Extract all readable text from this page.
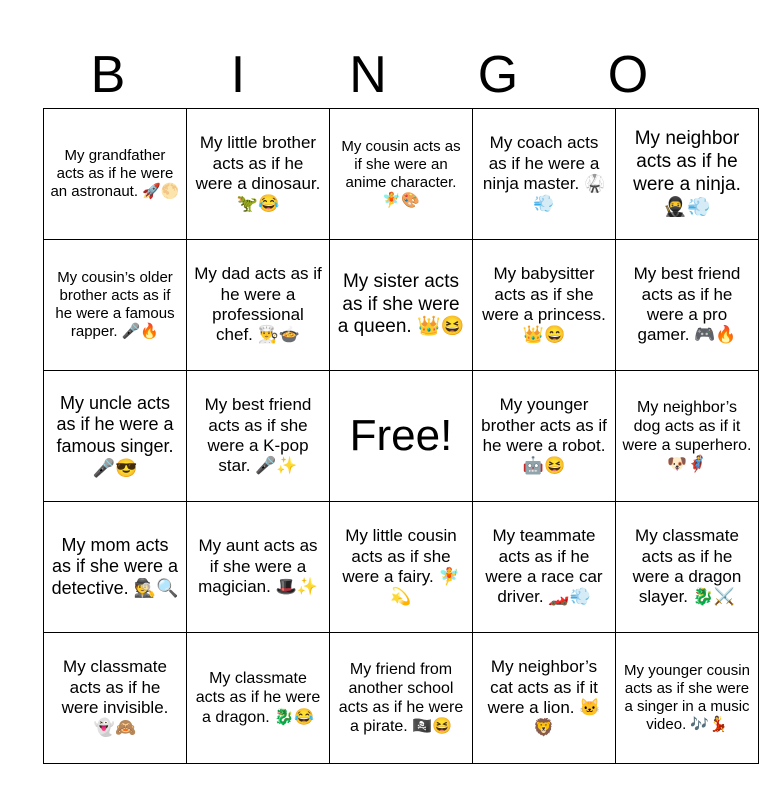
B	I	N	G	O
My grandfather acts as if he were an astronaut. 🚀🌕	My little brother acts as if he were a dinosaur. 🦖😂	My cousin acts as if she were an anime character. 🧚🎨	My coach acts as if he were a ninja master. 🥋💨	My neighbor acts as if he were a ninja. 🥷💨
My cousin’s older brother acts as if he were a famous rapper. 🎤🔥	My dad acts as if he were a professional chef. 👨‍🍳🍲	My sister acts as if she were a queen. 👑😆	My babysitter acts as if she were a princess. 👑😄	My best friend acts as if he were a pro gamer. 🎮🔥
My uncle acts as if he were a famous singer. 🎤😎	My best friend acts as if she were a K-pop star. 🎤✨	Free!	My younger brother acts as if he were a robot. 🤖😆	My neighbor’s dog acts as if it were a superhero. 🐶🦸
My mom acts as if she were a detective. 🕵️🔍	My aunt acts as if she were a magician. 🎩✨	My little cousin acts as if she were a fairy. 🧚💫	My teammate acts as if he were a race car driver. 🏎️💨	My classmate acts as if he were a dragon slayer. 🐉⚔️
My classmate acts as if he were invisible. 👻🙈	My classmate acts as if he were a dragon. 🐉😂	My friend from another school acts as if he were a pirate. 🏴‍☠️😆	My neighbor’s cat acts as if it were a lion. 🐱🦁	My younger cousin acts as if she were a singer in a music video. 🎶💃
